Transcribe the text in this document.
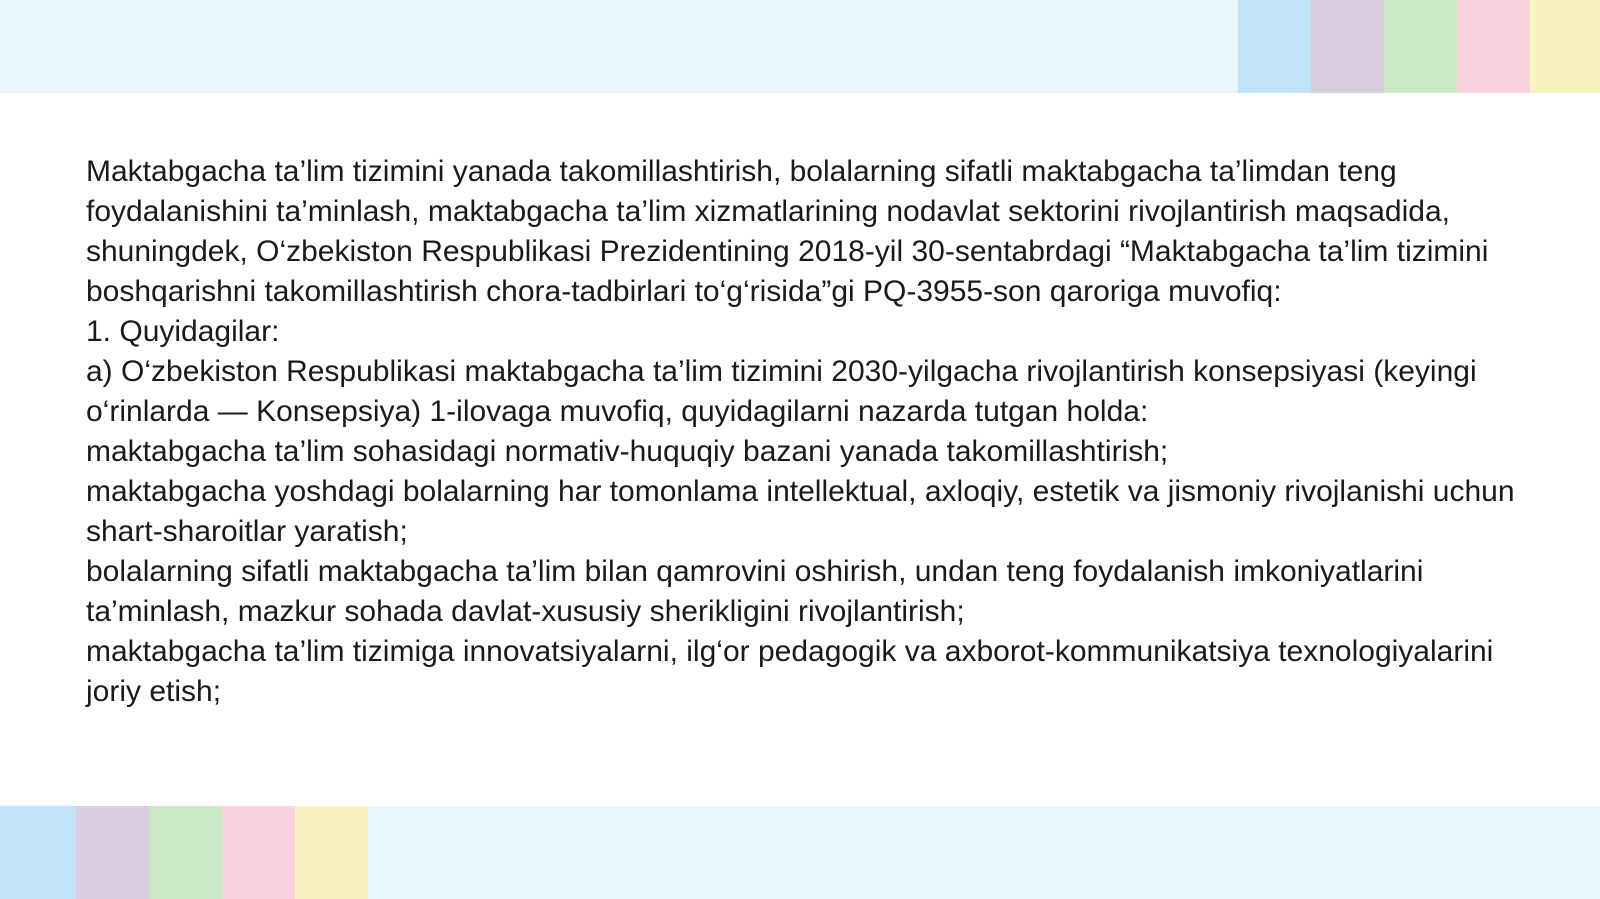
Maktabgacha ta’lim tizimini yanada takomillashtirish, bolalarning sifatli maktabgacha ta’limdan teng foydalanishini ta’minlash, maktabgacha ta’lim xizmatlarining nodavlat sektorini rivojlantirish maqsadida, shuningdek, O‘zbekiston Respublikasi Prezidentining 2018-yil 30-sentabrdagi “Maktabgacha ta’lim tizimini boshqarishni takomillashtirish chora-tadbirlari to‘g‘risida”gi PQ-3955-son qaroriga muvofiq:

1. Quyidagilar:

a) O‘zbekiston Respublikasi maktabgacha ta’lim tizimini 2030-yilgacha rivojlantirish konsepsiyasi (keyingi o‘rinlarda — Konsepsiya) 1-ilovaga muvofiq, quyidagilarni nazarda tutgan holda:

maktabgacha ta’lim sohasidagi normativ-huquqiy bazani yanada takomillashtirish;

maktabgacha yoshdagi bolalarning har tomonlama intellektual, axloqiy, estetik va jismoniy rivojlanishi uchun shart-sharoitlar yaratish;

bolalarning sifatli maktabgacha ta’lim bilan qamrovini oshirish, undan teng foydalanish imkoniyatlarini ta’minlash, mazkur sohada davlat-xususiy sherikligini rivojlantirish;

maktabgacha ta’lim tizimiga innovatsiyalarni, ilg‘or pedagogik va axborot-kommunikatsiya texnologiyalarini joriy etish;
